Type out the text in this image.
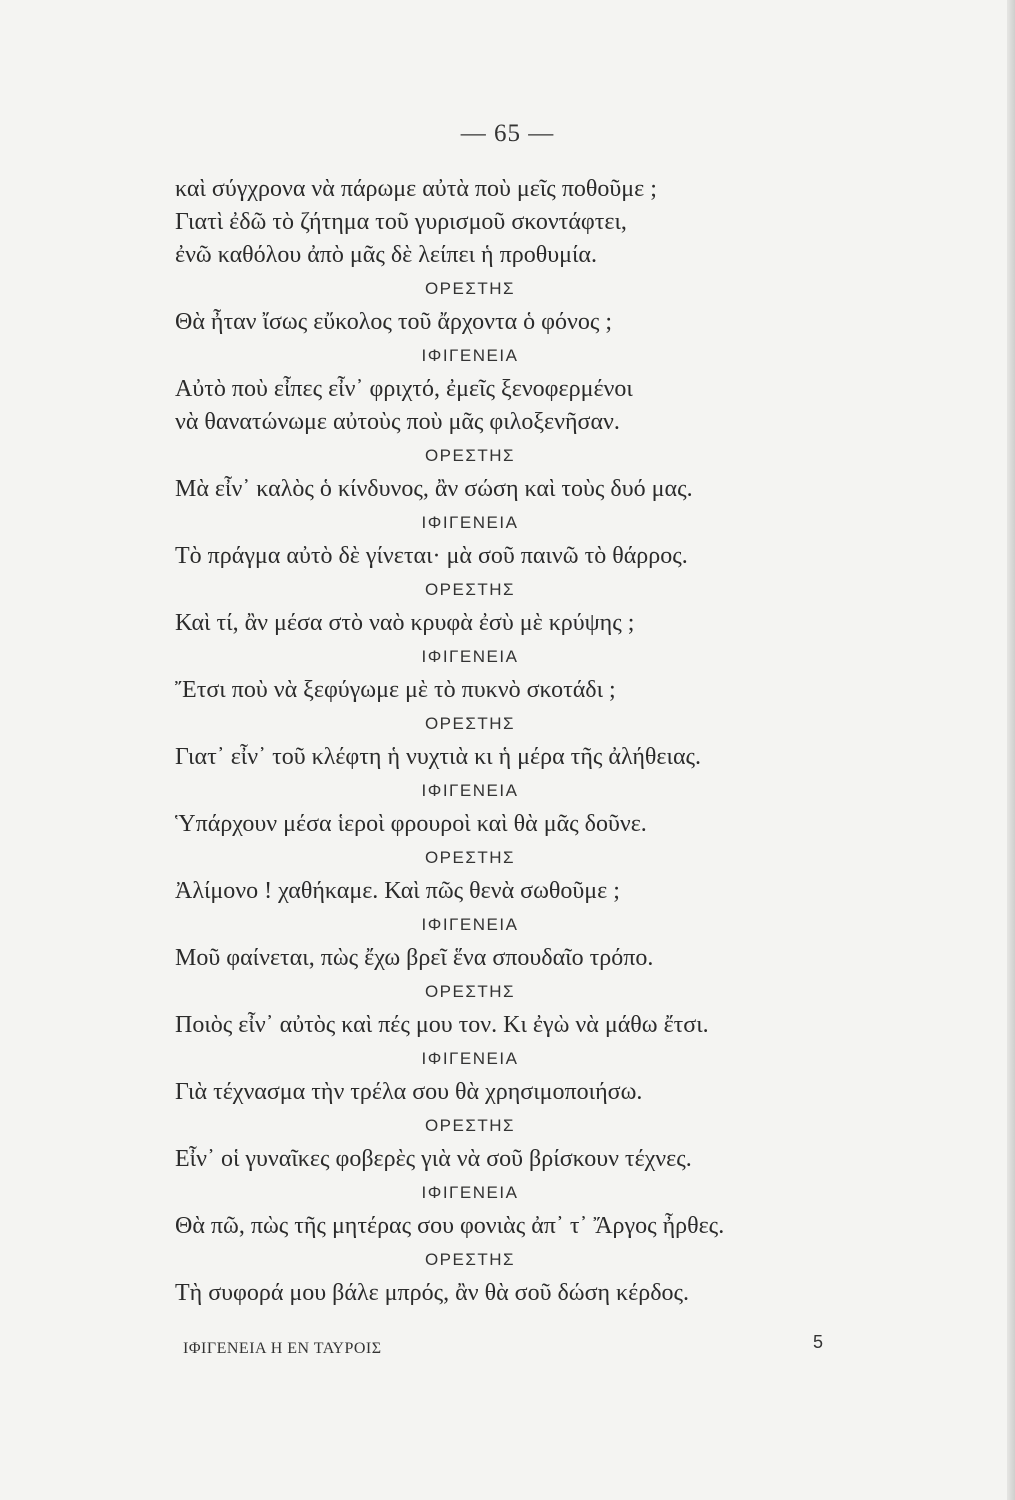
— 65 —
καὶ σύγχρονα νὰ πάρωμε αὐτὰ ποὺ μεῖς ποθοῦμε ;
Γιατὶ ἐδῶ τὸ ζήτημα τοῦ γυρισμοῦ σκοντάφτει,
ἐνῶ καθόλου ἀπὸ μᾶς δὲ λείπει ἡ προθυμία.
ΟΡΕΣΤΗΣ
Θὰ ἦταν ἴσως εὔκολος τοῦ ἄρχοντα ὁ φόνος ;
ΙΦΙΓΕΝΕΙΑ
Αὐτὸ ποὺ εἶπες εἶν᾽ φριχτό, ἐμεῖς ξενοφερμένοι
νὰ θανατώνωμε αὐτοὺς ποὺ μᾶς φιλοξενῆσαν.
ΟΡΕΣΤΗΣ
Μὰ εἶν᾽ καλὸς ὁ κίνδυνος, ἂν σώση καὶ τοὺς δυό μας.
ΙΦΙΓΕΝΕΙΑ
Τὸ πράγμα αὐτὸ δὲ γίνεται· μὰ σοῦ παινῶ τὸ θάρρος.
ΟΡΕΣΤΗΣ
Καὶ τί, ἂν μέσα στὸ ναὸ κρυφὰ ἐσὺ μὲ κρύψης ;
ΙΦΙΓΕΝΕΙΑ
Ἔτσι ποὺ νὰ ξεφύγωμε μὲ τὸ πυκνὸ σκοτάδι ;
ΟΡΕΣΤΗΣ
Γιατ᾽ εἶν᾽ τοῦ κλέφτη ἡ νυχτιὰ κι ἡ μέρα τῆς ἀλήθειας.
ΙΦΙΓΕΝΕΙΑ
Ὑπάρχουν μέσα ἱεροὶ φρουροὶ καὶ θὰ μᾶς δοῦνε.
ΟΡΕΣΤΗΣ
Ἀλίμονο ! χαθήκαμε. Καὶ πῶς θενὰ σωθοῦμε ;
ΙΦΙΓΕΝΕΙΑ
Μοῦ φαίνεται, πὼς ἔχω βρεῖ ἕνα σπουδαῖο τρόπο.
ΟΡΕΣΤΗΣ
Ποιὸς εἶν᾽ αὐτὸς καὶ πές μου τον. Κι ἐγὼ νὰ μάθω ἔτσι.
ΙΦΙΓΕΝΕΙΑ
Γιὰ τέχνασμα τὴν τρέλα σου θὰ χρησιμοποιήσω.
ΟΡΕΣΤΗΣ
Εἶν᾽ οἱ γυναῖκες φοβερὲς γιὰ νὰ σοῦ βρίσκουν τέχνες.
ΙΦΙΓΕΝΕΙΑ
Θὰ πῶ, πὼς τῆς μητέρας σου φονιὰς ἀπ᾽ τ᾽ Ἄργος ἦρθες.
ΟΡΕΣΤΗΣ
Τὴ συφορά μου βάλε μπρός, ἂν θὰ σοῦ δώση κέρδος.
ΙΦΙΓΕΝΕΙΑ Η ΕΝ ΤΑΥΡΟΙΣ	5
